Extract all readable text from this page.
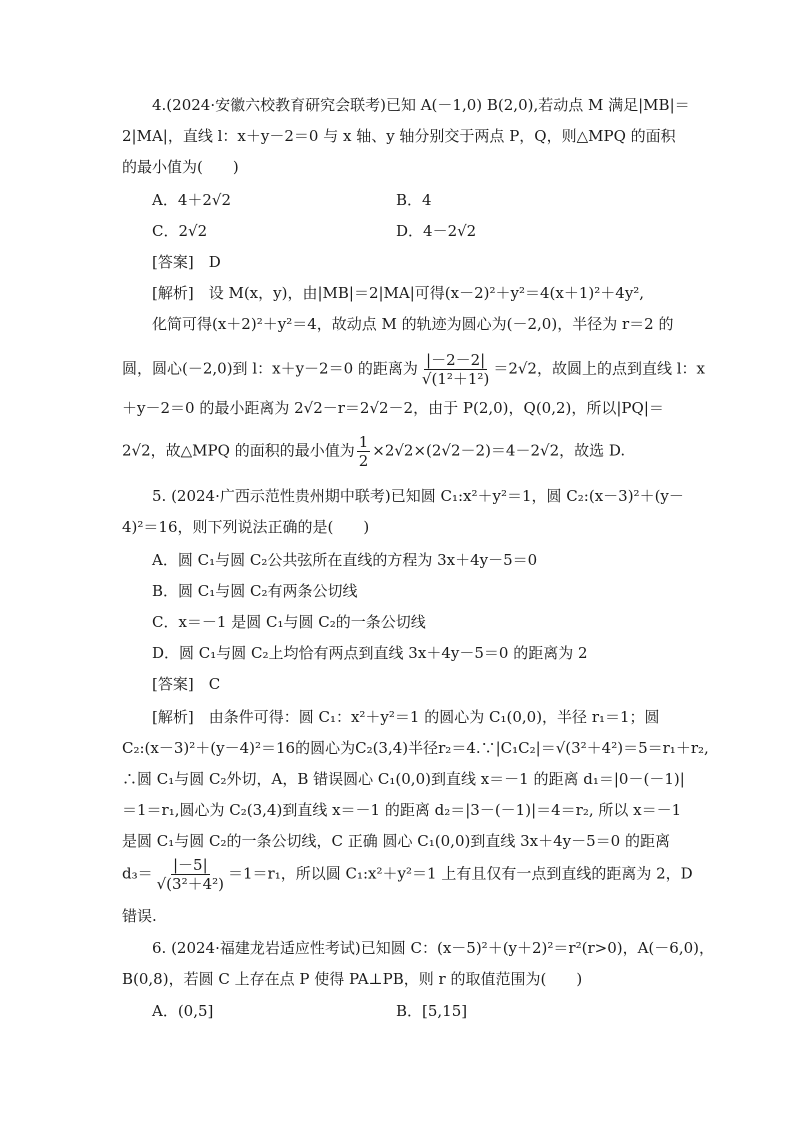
4.(2024·安徽六校教育研究会联考)已知 A(－1,0) B(2,0),若动点 M 满足|MB|＝
2|MA|，直线 l：x＋y－2＝0 与 x 轴、y 轴分别交于两点 P，Q，则△MPQ 的面积
的最小值为(　　)
A．4＋2√2	B．4
C．2√2	D．4－2√2
[答案]　D
[解析]　设 M(x，y)，由|MB|＝2|MA|可得(x－2)²＋y²＝4(x＋1)²＋4y²,
化简可得(x＋2)²＋y²＝4，故动点 M 的轨迹为圆心为(－2,0)，半径为 r＝2 的
圆，圆心(－2,0)到 l：x＋y－2＝0 的距离为 $\frac{|-2-2|}{\text{√(1²＋1²)}} =2√2$，故圆上的点到直线 l：x
＋y－2＝0 的最小距离为 2√2－r＝2√2－2，由于 P(2,0)，Q(0,2)，所以|PQ|＝
2√2，故△MPQ 的面积的最小值为 $\frac{1}{2} \times 2√2\times(2√2-2)=4-2√2$，故选 D.
5. (2024·广西示范性贵州期中联考)已知圆 C₁:x²＋y²＝1，圆 C₂:(x－3)²＋(y－
4)²＝16，则下列说法正确的是(　　)
A．圆 C₁与圆 C₂公共弦所在直线的方程为 3x＋4y－5＝0
B．圆 C₁与圆 C₂有两条公切线
C．x＝－1 是圆 C₁与圆 C₂的一条公切线
D．圆 C₁与圆 C₂上均恰有两点到直线 3x＋4y－5＝0 的距离为 2
[答案]　C
[解析]　由条件可得：圆 C₁：x²＋y²＝1 的圆心为 C₁(0,0)，半径 r₁＝1；圆
C₂:(x－3)²＋(y－4)²＝16的圆心为C₂(3,4)半径r₂＝4.∵|C₁C₂|＝√(3²＋4²)＝5＝r₁＋r₂,
∴圆 C₁与圆 C₂外切，A，B 错误圆心 C₁(0,0)到直线 x＝－1 的距离 d₁＝|0－(－1)|
＝1＝r₁,圆心为 C₂(3,4)到直线 x＝－1 的距离 d₂＝|3－(－1)|＝4＝r₂, 所以 x＝－1
是圆 C₁与圆 C₂的一条公切线，C 正确 圆心 C₁(0,0)到直线 3x＋4y－5＝0 的距离
$d_3= \frac{|-5|}{\text{√(3²＋4²)}} =1=r_1$，所以圆 C₁:x²＋y²＝1 上有且仅有一点到直线的距离为 2，D
错误.
6. (2024·福建龙岩适应性考试)已知圆 C：(x－5)²＋(y＋2)²＝r²(r>0)，A(－6,0)，
B(0,8)，若圆 C 上存在点 P 使得 PA⊥PB，则 r 的取值范围为(　　)
A．(0,5]	B．[5,15]
